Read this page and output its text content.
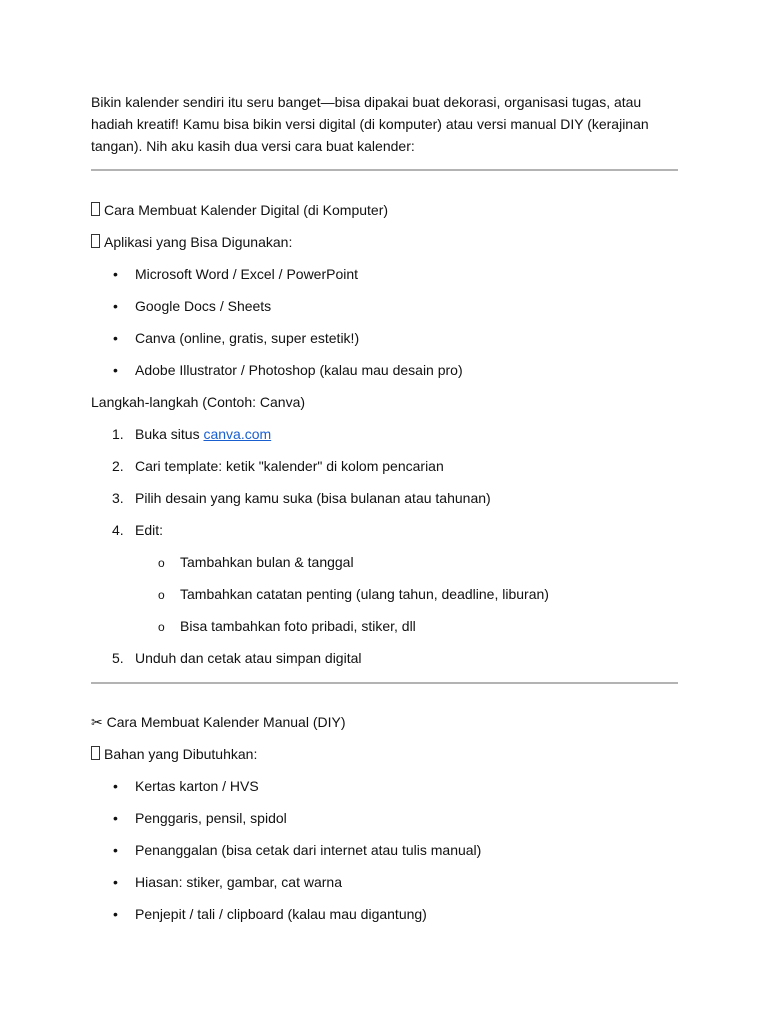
Bikin kalender sendiri itu seru banget—bisa dipakai buat dekorasi, organisasi tugas, atau hadiah kreatif! Kamu bisa bikin versi digital (di komputer) atau versi manual DIY (kerajinan tangan). Nih aku kasih dua versi cara buat kalender:

Cara Membuat Kalender Digital (di Komputer)
Aplikasi yang Bisa Digunakan:
• Microsoft Word / Excel / PowerPoint
• Google Docs / Sheets
• Canva (online, gratis, super estetik!)
• Adobe Illustrator / Photoshop (kalau mau desain pro)
Langkah-langkah (Contoh: Canva)
1. Buka situs canva.com
2. Cari template: ketik "kalender" di kolom pencarian
3. Pilih desain yang kamu suka (bisa bulanan atau tahunan)
4. Edit:
o Tambahkan bulan & tanggal
o Tambahkan catatan penting (ulang tahun, deadline, liburan)
o Bisa tambahkan foto pribadi, stiker, dll
5. Unduh dan cetak atau simpan digital
✂ Cara Membuat Kalender Manual (DIY)
Bahan yang Dibutuhkan:
• Kertas karton / HVS
• Penggaris, pensil, spidol
• Penanggalan (bisa cetak dari internet atau tulis manual)
• Hiasan: stiker, gambar, cat warna
• Penjepit / tali / clipboard (kalau mau digantung)
